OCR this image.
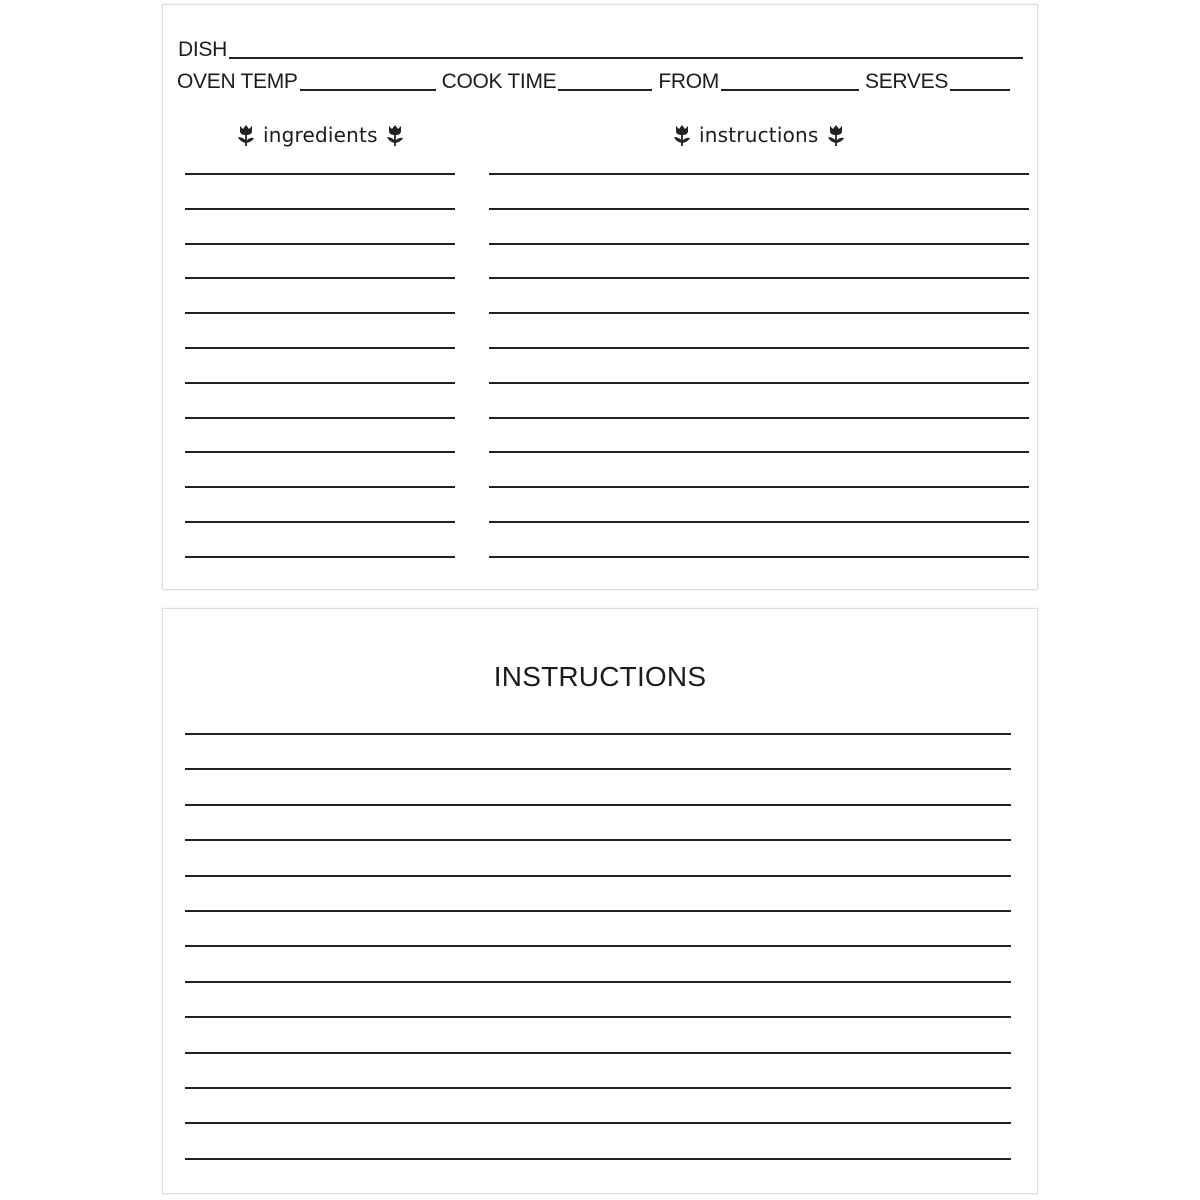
DISH
OVEN TEMP	COOK TIME	FROM	SERVES
ingredients	instructions
INSTRUCTIONS
